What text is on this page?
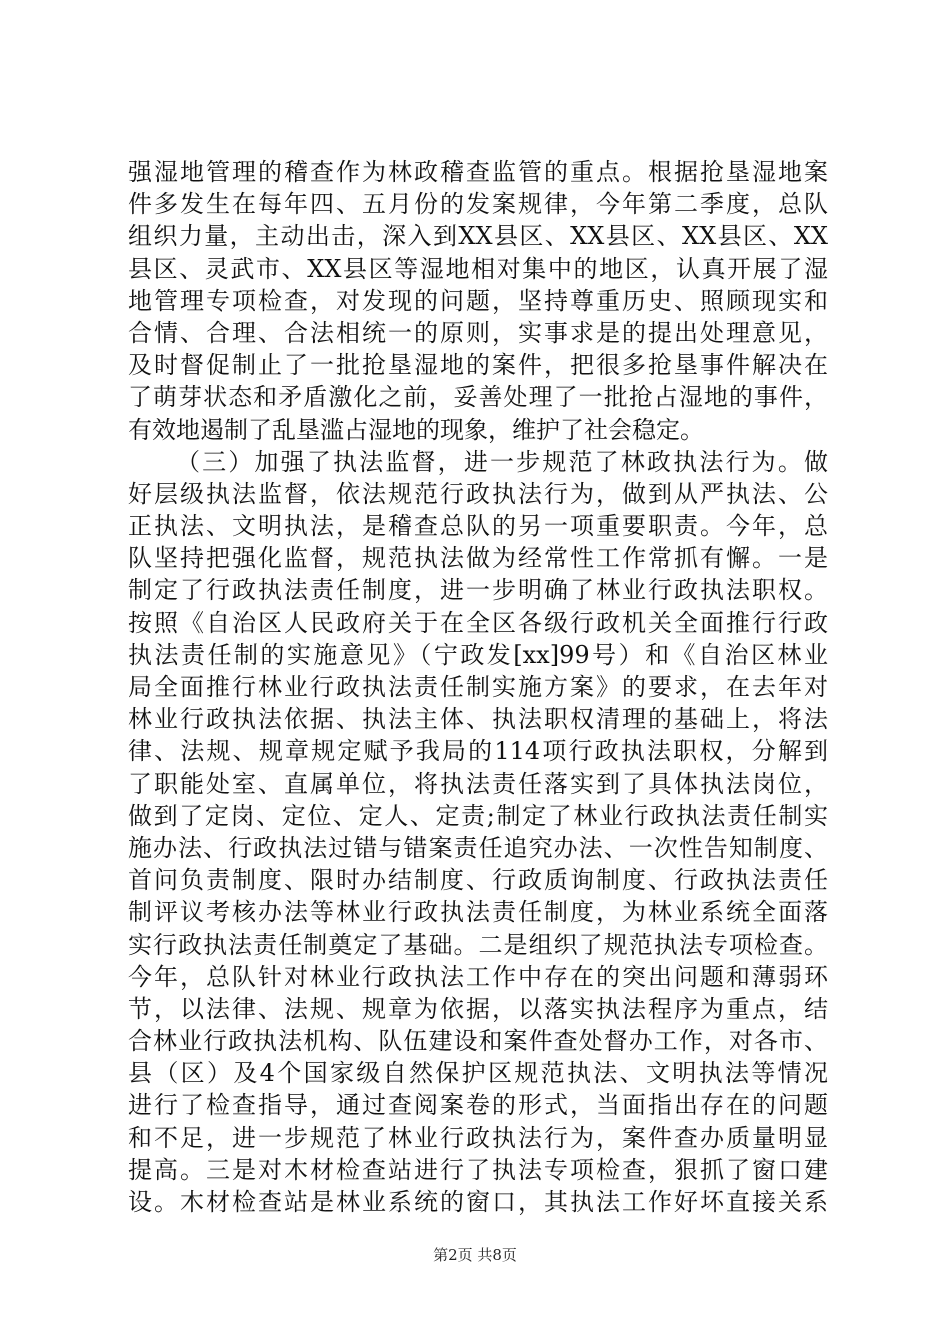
强湿地管理的稽查作为林政稽查监管的重点。根据抢垦湿地案
件多发生在每年四、五月份的发案规律，今年第二季度，总队
组织力量，主动出击，深入到XX县区、XX县区、XX县区、XX
县区、灵武市、XX县区等湿地相对集中的地区，认真开展了湿
地管理专项检查，对发现的问题，坚持尊重历史、照顾现实和
合情、合理、合法相统一的原则，实事求是的提出处理意见，
及时督促制止了一批抢垦湿地的案件，把很多抢垦事件解决在
了萌芽状态和矛盾激化之前，妥善处理了一批抢占湿地的事件，
有效地遏制了乱垦滥占湿地的现象，维护了社会稳定。
（三）加强了执法监督，进一步规范了林政执法行为。做
好层级执法监督，依法规范行政执法行为，做到从严执法、公
正执法、文明执法，是稽查总队的另一项重要职责。今年，总
队坚持把强化监督，规范执法做为经常性工作常抓有懈。一是
制定了行政执法责任制度，进一步明确了林业行政执法职权。
按照《自治区人民政府关于在全区各级行政机关全面推行行政
执法责任制的实施意见》（宁政发[xx]99号）和《自治区林业
局全面推行林业行政执法责任制实施方案》的要求，在去年对
林业行政执法依据、执法主体、执法职权清理的基础上，将法
律、法规、规章规定赋予我局的114项行政执法职权，分解到
了职能处室、直属单位，将执法责任落实到了具体执法岗位，
做到了定岗、定位、定人、定责;制定了林业行政执法责任制实
施办法、行政执法过错与错案责任追究办法、一次性告知制度、
首问负责制度、限时办结制度、行政质询制度、行政执法责任
制评议考核办法等林业行政执法责任制度，为林业系统全面落
实行政执法责任制奠定了基础。二是组织了规范执法专项检查。
今年，总队针对林业行政执法工作中存在的突出问题和薄弱环
节，以法律、法规、规章为依据，以落实执法程序为重点，结
合林业行政执法机构、队伍建设和案件查处督办工作，对各市、
县（区）及4个国家级自然保护区规范执法、文明执法等情况
进行了检查指导，通过查阅案卷的形式，当面指出存在的问题
和不足，进一步规范了林业行政执法行为，案件查办质量明显
提高。三是对木材检查站进行了执法专项检查，狠抓了窗口建
设。木材检查站是林业系统的窗口，其执法工作好坏直接关系
第2页 共8页
